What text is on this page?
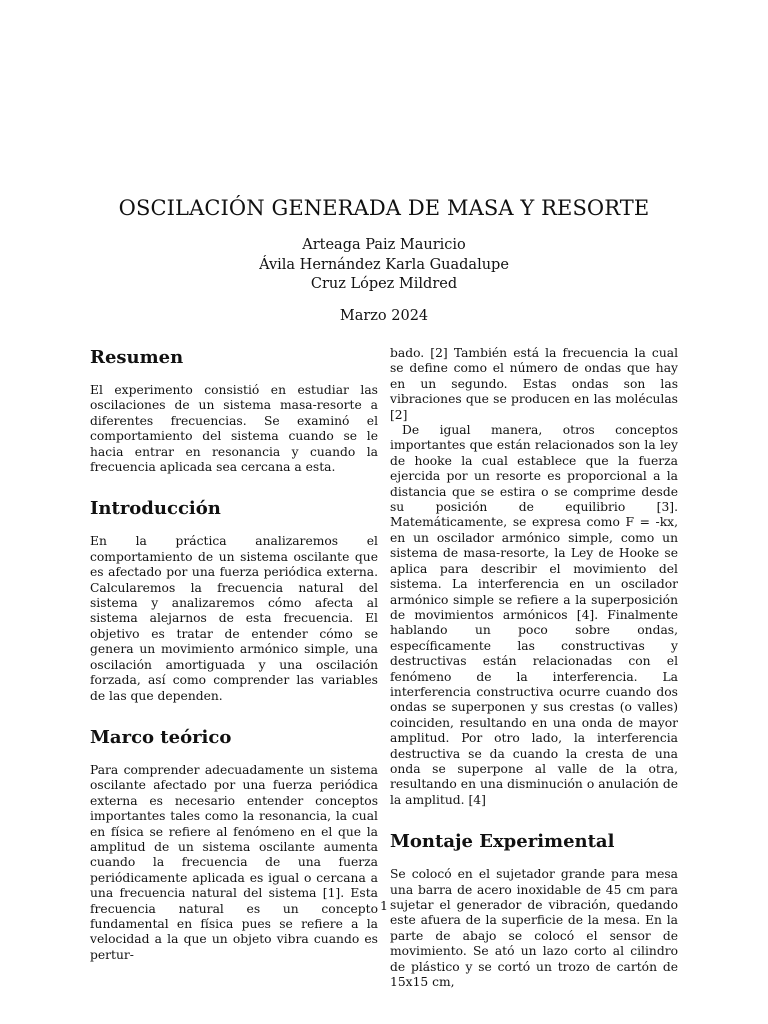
OSCILACIÓN GENERADA DE MASA Y RESORTE
Arteaga Paiz Mauricio
Ávila Hernández Karla Guadalupe
Cruz López Mildred
Marzo 2024
Resumen

El experimento consistió en estudiar las oscilaciones de un sistema masa-resorte a diferentes frecuencias. Se examinó el comportamiento del sistema cuando se le hacia entrar en resonancia y cuando la frecuencia aplicada sea cercana a esta.

Introducción

En la práctica analizaremos el comportamiento de un sistema oscilante que es afectado por una fuerza periódica externa. Calcularemos la frecuencia natural del sistema y analizaremos cómo afecta al sistema alejarnos de esta frecuencia. El objetivo es tratar de entender cómo se genera un movimiento armónico simple, una oscilación amortiguada y una oscilación forzada, así como comprender las variables de las que dependen.

Marco teórico

Para comprender adecuadamente un sistema oscilante afectado por una fuerza periódica externa es necesario entender conceptos importantes tales como la resonancia, la cual en física se refiere al fenómeno en el que la amplitud de un sistema oscilante aumenta cuando la frecuencia de una fuerza periódicamente aplicada es igual o cercana a una frecuencia natural del sistema [1]. Esta frecuencia natural es un concepto fundamental en física pues se refiere a la velocidad a la que un objeto vibra cuando es pertur-

bado. [2] También está la frecuencia la cual se define como el número de ondas que hay en un segundo. Estas ondas son las vibraciones que se producen en las moléculas [2]

De igual manera, otros conceptos importantes que están relacionados son la ley de hooke la cual establece que la fuerza ejercida por un resorte es proporcional a la distancia que se estira o se comprime desde su posición de equilibrio [3]. Matemáticamente, se expresa como F = -kx, en un oscilador armónico simple, como un sistema de masa-resorte, la Ley de Hooke se aplica para describir el movimiento del sistema. La interferencia en un oscilador armónico simple se refiere a la superposición de movimientos armónicos [4]. Finalmente hablando un poco sobre ondas, específicamente las constructivas y destructivas están relacionadas con el fenómeno de la interferencia. La interferencia constructiva ocurre cuando dos ondas se superponen y sus crestas (o valles) coinciden, resultando en una onda de mayor amplitud. Por otro lado, la interferencia destructiva se da cuando la cresta de una onda se superpone al valle de la otra, resultando en una disminución o anulación de la amplitud. [4]

Montaje Experimental

Se colocó en el sujetador grande para mesa una barra de acero inoxidable de 45 cm para sujetar el generador de vibración, quedando este afuera de la superficie de la mesa. En la parte de abajo se colocó el sensor de movimiento. Se ató un lazo corto al cilindro de plástico y se cortó un trozo de cartón de 15x15 cm,

1
